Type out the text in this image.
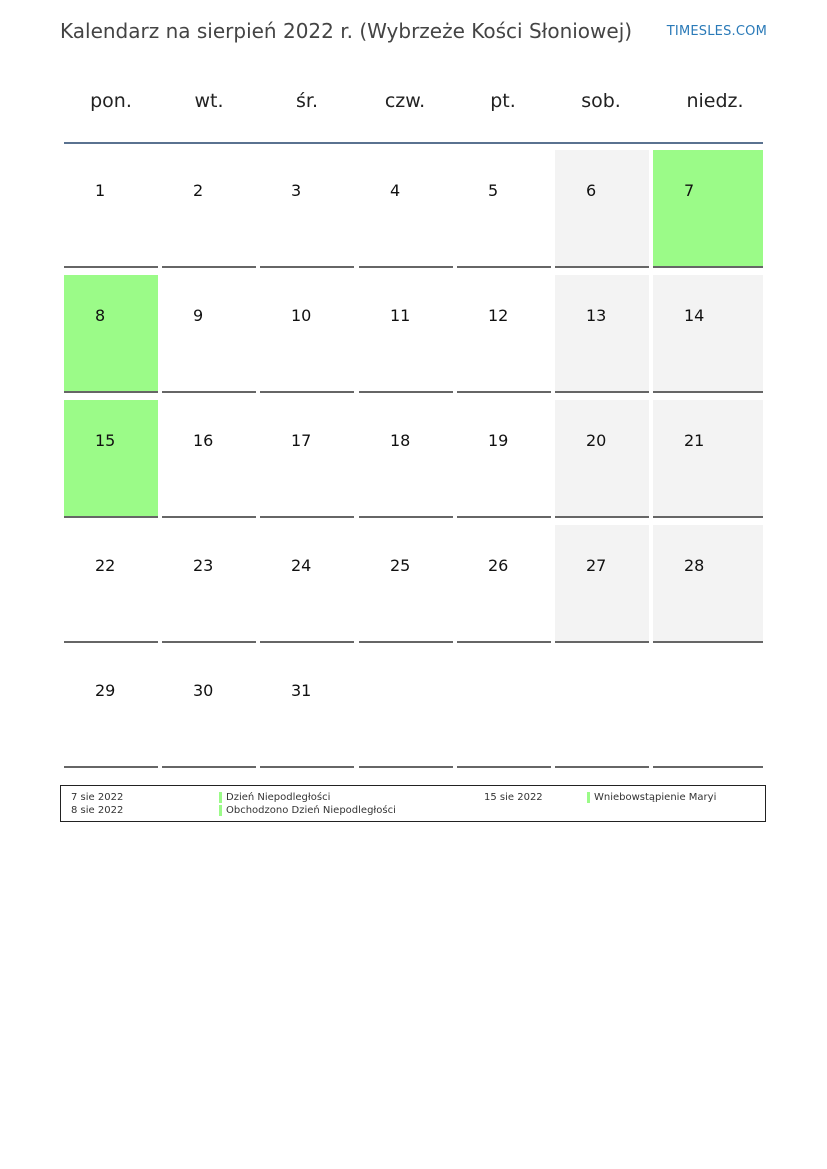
Kalendarz na sierpień 2022 r. (Wybrzeże Kości Słoniowej)	TIMESLES.COM
pon.	wt.	śr.	czw.	pt.	sob.	niedz.
1	2	3	4	5	6	7
8	9	10	11	12	13	14
15	16	17	18	19	20	21
22	23	24	25	26	27	28
29	30	31
7 sie 2022	Dzień Niepodległości
8 sie 2022	Obchodzono Dzień Niepodległości
15 sie 2022	Wniebowstąpienie Maryi
